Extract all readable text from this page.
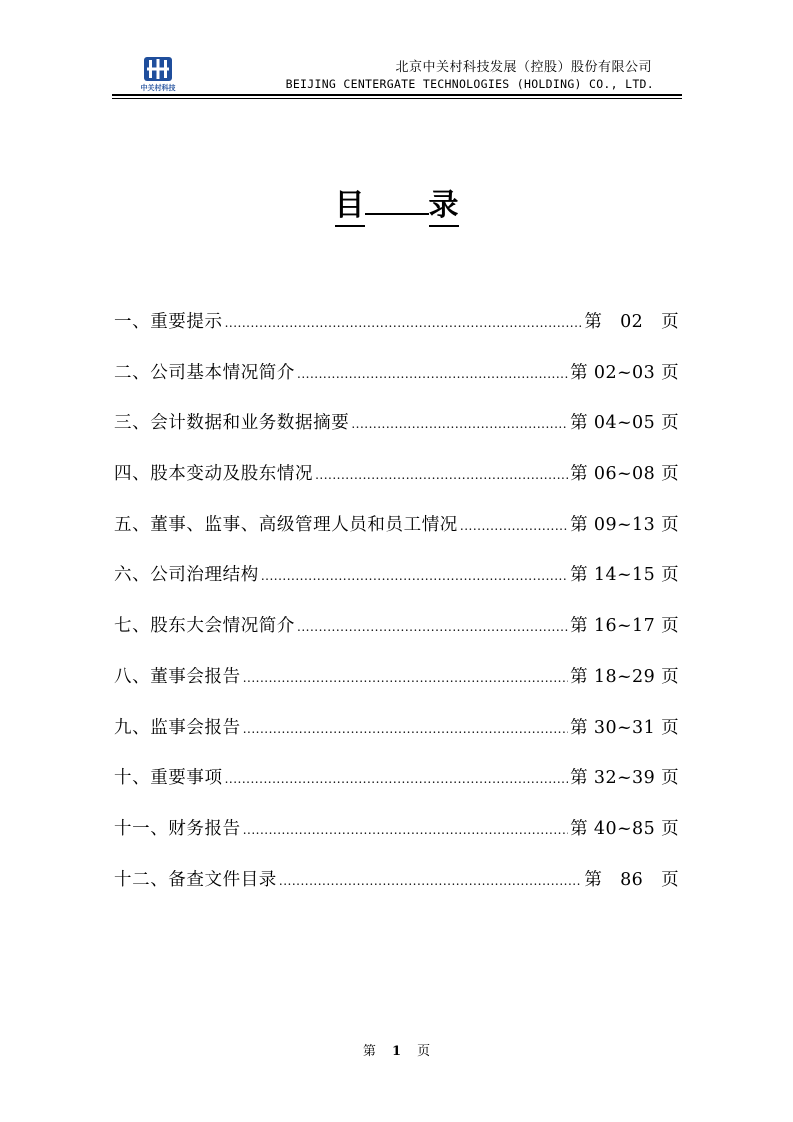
中关村科技
北京中关村科技发展（控股）股份有限公司
BEIJING CENTERGATE TECHNOLOGIES (HOLDING) CO., LTD.
目 录
一、重要提示 .....	第　02　页
二、公司基本情况简介 .....	第 02~03 页
三、会计数据和业务数据摘要 .....	第 04~05 页
四、股本变动及股东情况 .....	第 06~08 页
五、董事、监事、高级管理人员和员工情况 .....	第 09~13 页
六、公司治理结构 .....	第 14~15 页
七、股东大会情况简介 .....	第 16~17 页
八、董事会报告 .....	第 18~29 页
九、监事会报告 .....	第 30~31 页
十、重要事项 .....	第 32~39 页
十一、财务报告 .....	第 40~85 页
十二、备查文件目录 .....	第　86　页
第 1 页
